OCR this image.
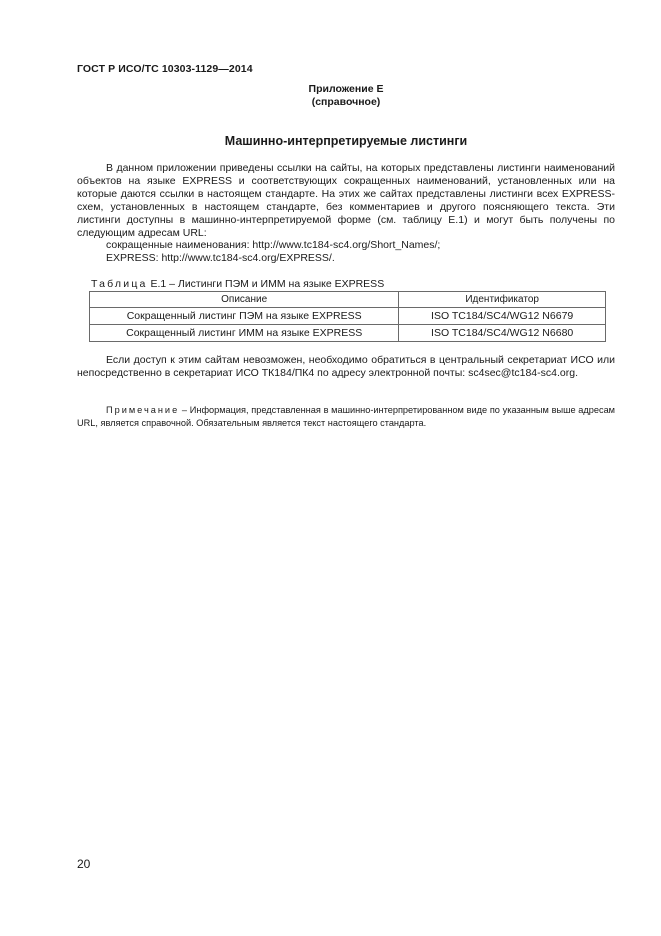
ГОСТ Р ИСО/ТС 10303-1129—2014
Приложение Е
(справочное)
Машинно-интерпретируемые листинги

В данном приложении приведены ссылки на сайты, на которых представлены листинги наименований объектов на языке EXPRESS и соответствующих сокращенных наименований, установленных или на которые даются ссылки в настоящем стандарте. На этих же сайтах представлены листинги всех EXPRESS-схем, установленных в настоящем стандарте, без комментариев и другого поясняющего текста. Эти листинги доступны в машинно-интерпретируемой форме (см. таблицу Е.1) и могут быть получены по следующим адресам URL:

сокращенные наименования: http://www.tc184-sc4.org/Short_Names/;

EXPRESS: http://www.tc184-sc4.org/EXPRESS/.

Таблица Е.1 – Листинги ПЭМ и ИММ на языке EXPRESS
Описание	Идентификатор
Сокращенный листинг ПЭМ на языке EXPRESS	ISO TC184/SC4/WG12 N6679
Сокращенный листинг ИММ на языке EXPRESS	ISO TC184/SC4/WG12 N6680

Если доступ к этим сайтам невозможен, необходимо обратиться в центральный секретариат ИСО или непосредственно в секретариат ИСО ТК184/ПК4 по адресу электронной почты: sc4sec@tc184-sc4.org.

Примечание – Информация, представленная в машинно-интерпретированном виде по указанным выше адресам URL, является справочной. Обязательным является текст настоящего стандарта.

20
